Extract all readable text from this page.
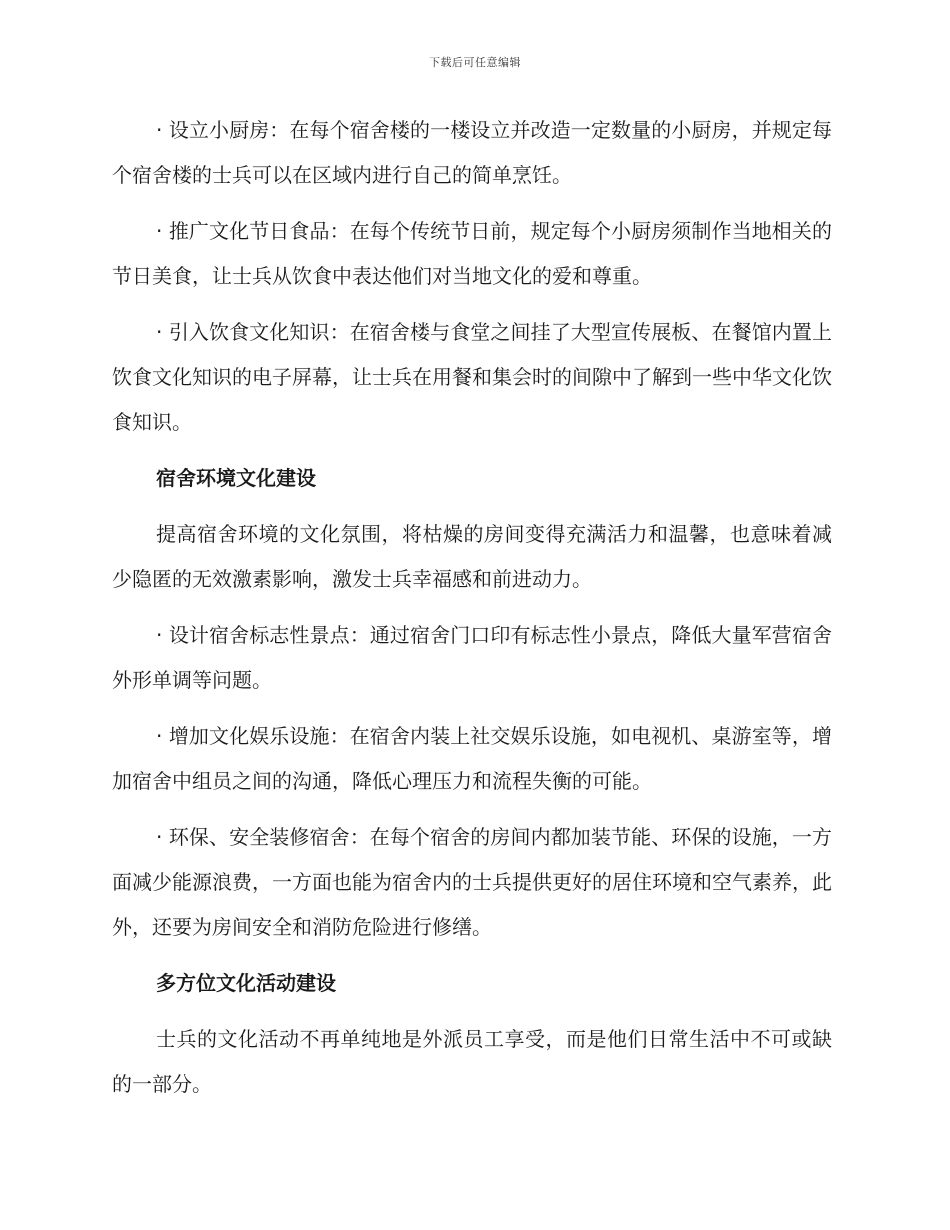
下载后可任意编辑

· 设立小厨房：在每个宿舍楼的一楼设立并改造一定数量的小厨房，并规定每个宿舍楼的士兵可以在区域内进行自己的简单烹饪。

· 推广文化节日食品：在每个传统节日前，规定每个小厨房须制作当地相关的节日美食，让士兵从饮食中表达他们对当地文化的爱和尊重。

· 引入饮食文化知识：在宿舍楼与食堂之间挂了大型宣传展板、在餐馆内置上饮食文化知识的电子屏幕，让士兵在用餐和集会时的间隙中了解到一些中华文化饮食知识。

宿舍环境文化建设

提高宿舍环境的文化氛围，将枯燥的房间变得充满活力和温馨，也意味着减少隐匿的无效激素影响，激发士兵幸福感和前进动力。

· 设计宿舍标志性景点：通过宿舍门口印有标志性小景点，降低大量军营宿舍外形单调等问题。

· 增加文化娱乐设施：在宿舍内装上社交娱乐设施，如电视机、桌游室等，增加宿舍中组员之间的沟通，降低心理压力和流程失衡的可能。

· 环保、安全装修宿舍：在每个宿舍的房间内都加装节能、环保的设施，一方面减少能源浪费，一方面也能为宿舍内的士兵提供更好的居住环境和空气素养，此外，还要为房间安全和消防危险进行修缮。

多方位文化活动建设

士兵的文化活动不再单纯地是外派员工享受，而是他们日常生活中不可或缺的一部分。
